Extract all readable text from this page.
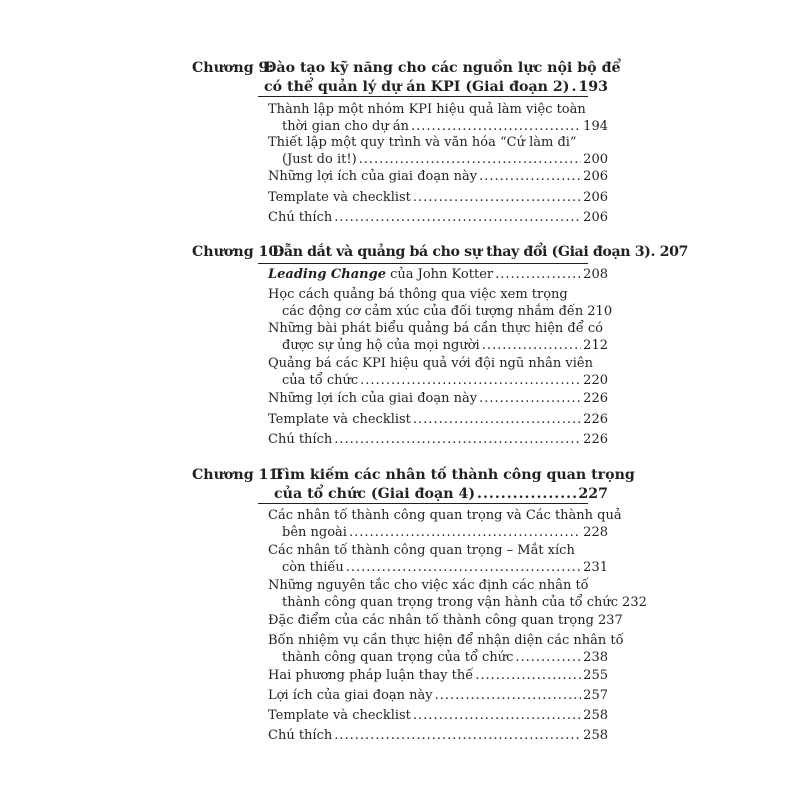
Chương 9:
Đào tạo kỹ năng cho các nguồn lực nội bộ để
có thể quản lý dự án KPI (Giai đoạn 2) ..... 193
Thành lập một nhóm KPI hiệu quả làm việc toàn
thời gian cho dự án .....	194
Thiết lập một quy trình và văn hóa “Cứ làm đi”
(Just do it!) .....	200
Những lợi ích của giai đoạn này .....	206
Template và checklist .....	206
Chú thích .....	206
Chương 10:
Dẫn dắt và quảng bá cho sự thay đổi (Giai đoạn 3). 207
Leading Change của John Kotter .....	208
Học cách quảng bá thông qua việc xem trọng
các động cơ cảm xúc của đối tượng nhắm đến 210
Những bài phát biểu quảng bá cần thực hiện để có
được sự ủng hộ của mọi người .....	212
Quảng bá các KPI hiệu quả với đội ngũ nhân viên
của tổ chức .....	220
Những lợi ích của giai đoạn này .....	226
Template và checklist .....	226
Chú thích .....	226
Chương 11:
Tìm kiếm các nhân tố thành công quan trọng
của tổ chức (Giai đoạn 4) .....	227
Các nhân tố thành công quan trọng và Các thành quả
bên ngoài .....	228
Các nhân tố thành công quan trọng – Mắt xích
còn thiếu .....	231
Những nguyên tắc cho việc xác định các nhân tố
thành công quan trọng trong vận hành của tổ chức 232
Đặc điểm của các nhân tố thành công quan trọng 237
Bốn nhiệm vụ cần thực hiện để nhận diện các nhân tố
thành công quan trọng của tổ chức .....	238
Hai phương pháp luận thay thế .....	255
Lợi ích của giai đoạn này .....	257
Template và checklist .....	258
Chú thích .....	258
